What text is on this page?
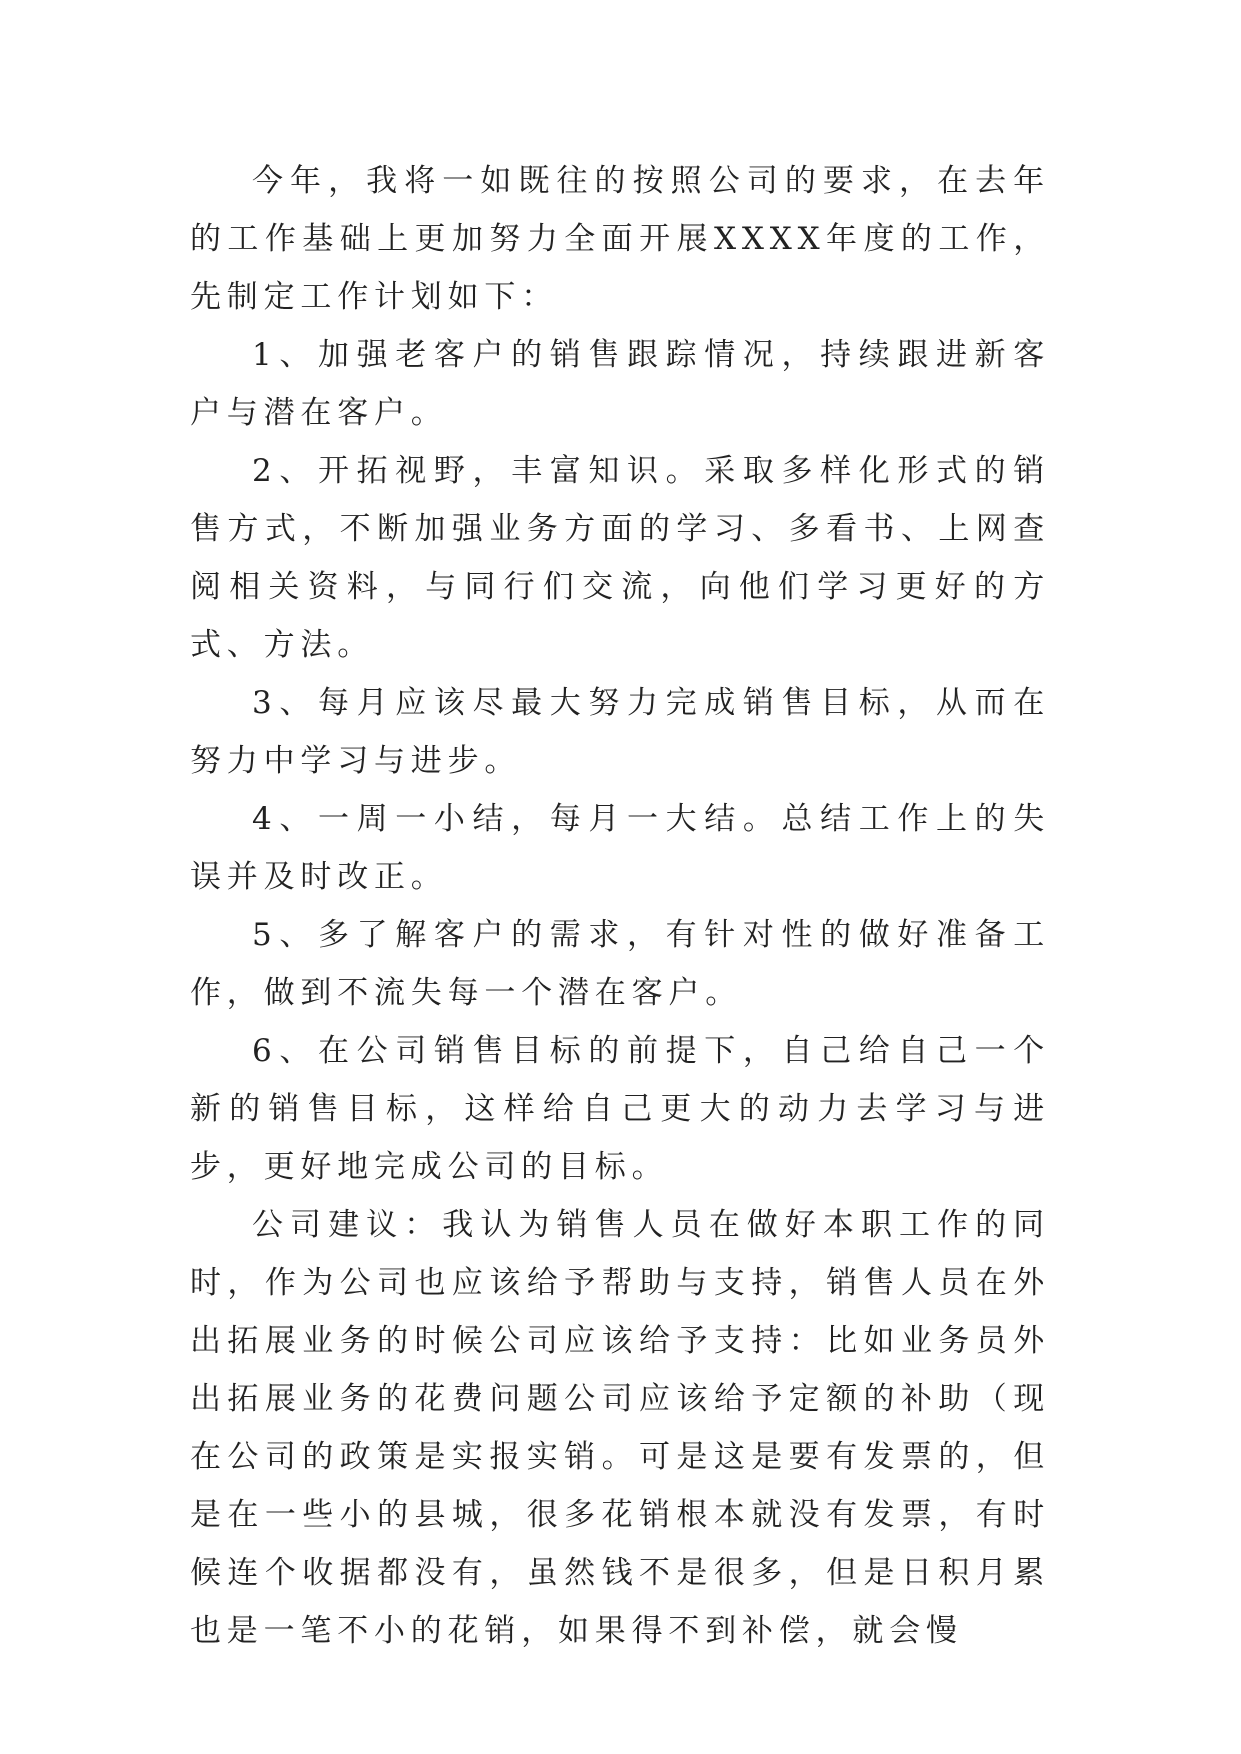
今年，我将一如既往的按照公司的要求，在去年的工作基础上更加努力全面开展XXXX年度的工作，先制定工作计划如下：

1、加强老客户的销售跟踪情况，持续跟进新客户与潜在客户。

2、开拓视野，丰富知识。采取多样化形式的销售方式，不断加强业务方面的学习、多看书、上网查阅相关资料，与同行们交流，向他们学习更好的方式、方法。

3、每月应该尽最大努力完成销售目标，从而在努力中学习与进步。

4、一周一小结，每月一大结。总结工作上的失误并及时改正。

5、多了解客户的需求，有针对性的做好准备工作，做到不流失每一个潜在客户。

6、在公司销售目标的前提下，自己给自己一个新的销售目标，这样给自己更大的动力去学习与进步，更好地完成公司的目标。

公司建议：我认为销售人员在做好本职工作的同时，作为公司也应该给予帮助与支持，销售人员在外出拓展业务的时候公司应该给予支持：比如业务员外出拓展业务的花费问题公司应该给予定额的补助（现在公司的政策是实报实销。可是这是要有发票的，但是在一些小的县城，很多花销根本就没有发票，有时候连个收据都没有，虽然钱不是很多，但是日积月累也是一笔不小的花销，如果得不到补偿，就会慢
